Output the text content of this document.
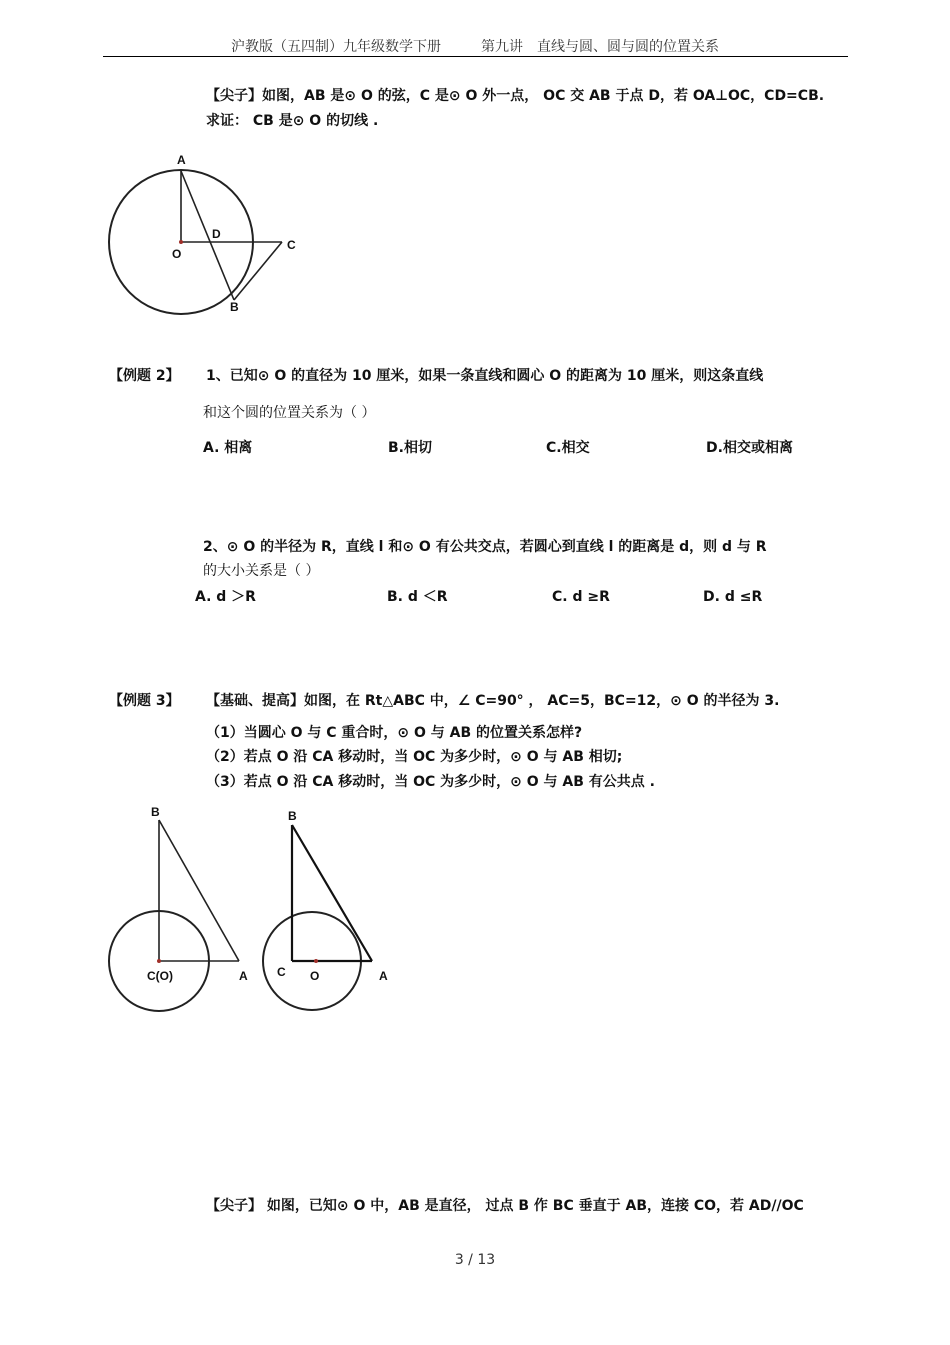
沪教版（五四制）九年级数学下册	第九讲　直线与圆、圆与圆的位置关系
【尖子】如图，AB 是⊙ O 的弦，C 是⊙ O 外一点， OC 交 AB 于点 D，若 OA⊥OC，CD=CB.
求证： CB 是⊙ O 的切线 .
A
D
C
O
B
【例题 2】 1、已知⊙ O 的直径为 10 厘米，如果一条直线和圆心 O 的距离为 10 厘米，则这条直线
和这个圆的位置关系为（ ）
A. 相离	B.相切	C.相交	D.相交或相离
2、⊙ O 的半径为 R，直线 l 和⊙ O 有公共交点，若圆心到直线 l 的距离是 d，则 d 与 R
的大小关系是（ ）
A. d ＞R	B. d ＜R	C. d ≥R	D. d ≤R
【例题 3】 【基础、提高】如图，在 Rt△ABC 中，∠ C=90° ， AC=5，BC=12，⊙ O 的半径为 3.
（1）当圆心 O 与 C 重合时，⊙ O 与 AB 的位置关系怎样?
（2）若点 O 沿 CA 移动时，当 OC 为多少时，⊙ O 与 AB 相切;
（3）若点 O 沿 CA 移动时，当 OC 为多少时，⊙ O 与 AB 有公共点 .
B
C(O)	A
B
C O	A
【尖子】 如图，已知⊙ O 中，AB 是直径， 过点 B 作 BC 垂直于 AB，连接 CO，若 AD//OC
3 / 13
